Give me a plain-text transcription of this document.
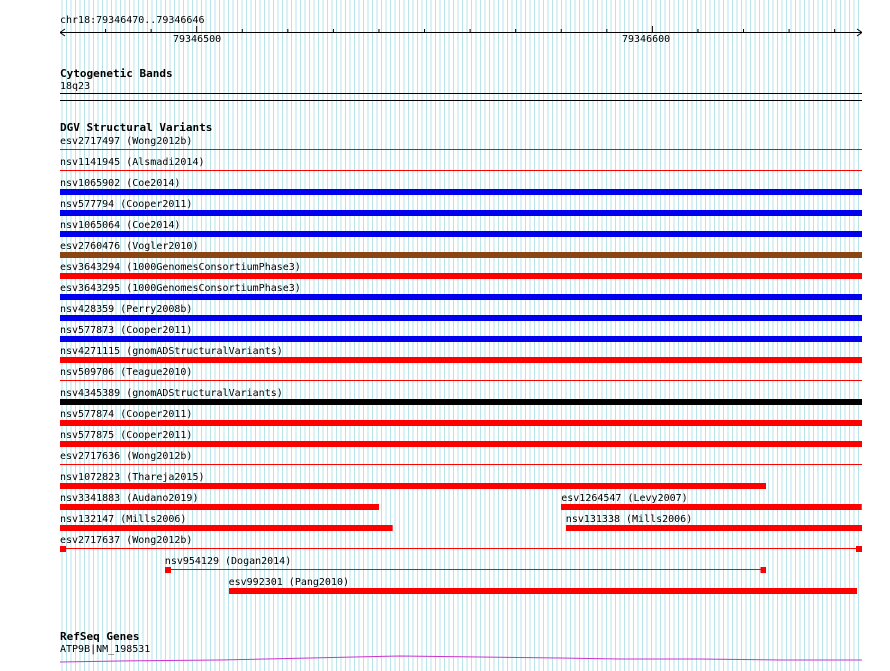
chr18:79346470..79346646
79346500	79346600
Cytogenetic Bands
18q23
DGV Structural Variants
esv2717497 (Wong2012b)
nsv1141945 (Alsmadi2014)
nsv1065902 (Coe2014)
nsv577794 (Cooper2011)
nsv1065064 (Coe2014)
esv2760476 (Vogler2010)
esv3643294 (1000GenomesConsortiumPhase3)
esv3643295 (1000GenomesConsortiumPhase3)
nsv428359 (Perry2008b)
nsv577873 (Cooper2011)
nsv4271115 (gnomADStructuralVariants)
nsv509706 (Teague2010)
nsv4345389 (gnomADStructuralVariants)
nsv577874 (Cooper2011)
nsv577875 (Cooper2011)
esv2717636 (Wong2012b)
nsv1072823 (Thareja2015)
nsv3341883 (Audano2019)	esv1264547 (Levy2007)
nsv132147 (Mills2006)	nsv131338 (Mills2006)
esv2717637 (Wong2012b)
nsv954129 (Dogan2014)
esv992301 (Pang2010)
RefSeq Genes
ATP9B|NM_198531
